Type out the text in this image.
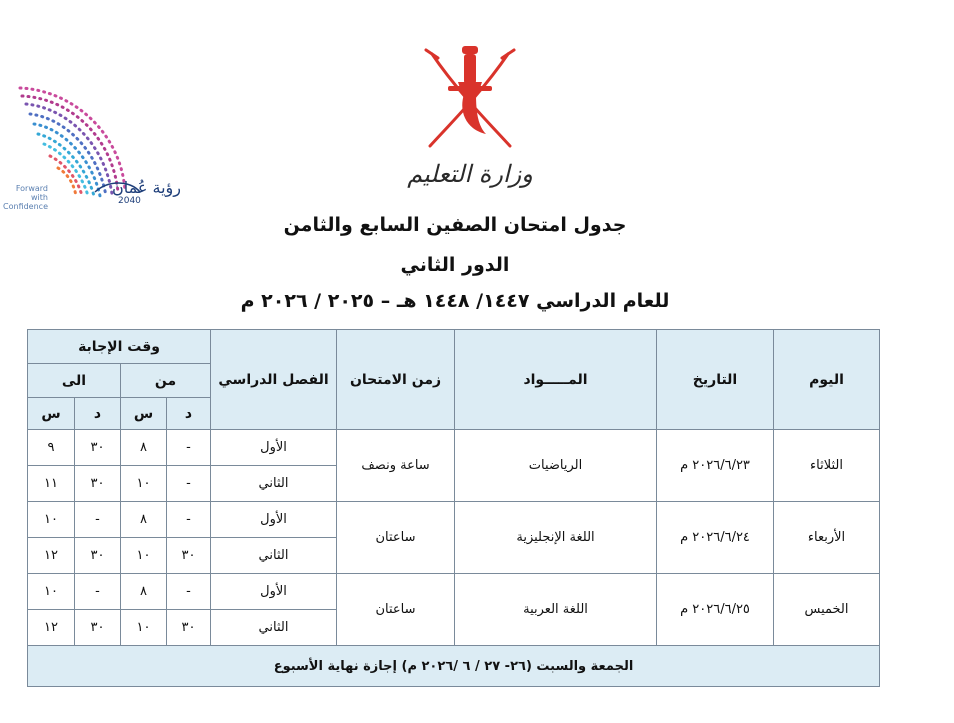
رؤية عُمان
2040
Forward with Confidence
وزارة التعليم
جدول امتحان الصفين السابع والثامن
الدور الثاني
للعام الدراسي ١٤٤٧/ ١٤٤٨ هـ – ٢٠٢٥ / ٢٠٢٦ م
اليوم	التاريخ	المـــــواد	زمن الامتحان	الفصل الدراسي	وقت الإجابة			
					من		الى	
					د	س	د	س
الثلاثاء	٢٠٢٦/٦/٢٣ م	الرياضيات	ساعة ونصف	الأول	-	٨	٣٠	٩
				الثاني	-	١٠	٣٠	١١
الأربعاء	٢٠٢٦/٦/٢٤ م	اللغة الإنجليزية	ساعتان	الأول	-	٨	-	١٠
				الثاني	٣٠	١٠	٣٠	١٢
الخميس	٢٠٢٦/٦/٢٥ م	اللغة العربية	ساعتان	الأول	-	٨	-	١٠
				الثاني	٣٠	١٠	٣٠	١٢
الجمعة والسبت (٢٦- ٢٧ / ٦ /٢٠٢٦ م) إجازة نهاية الأسبوع								
